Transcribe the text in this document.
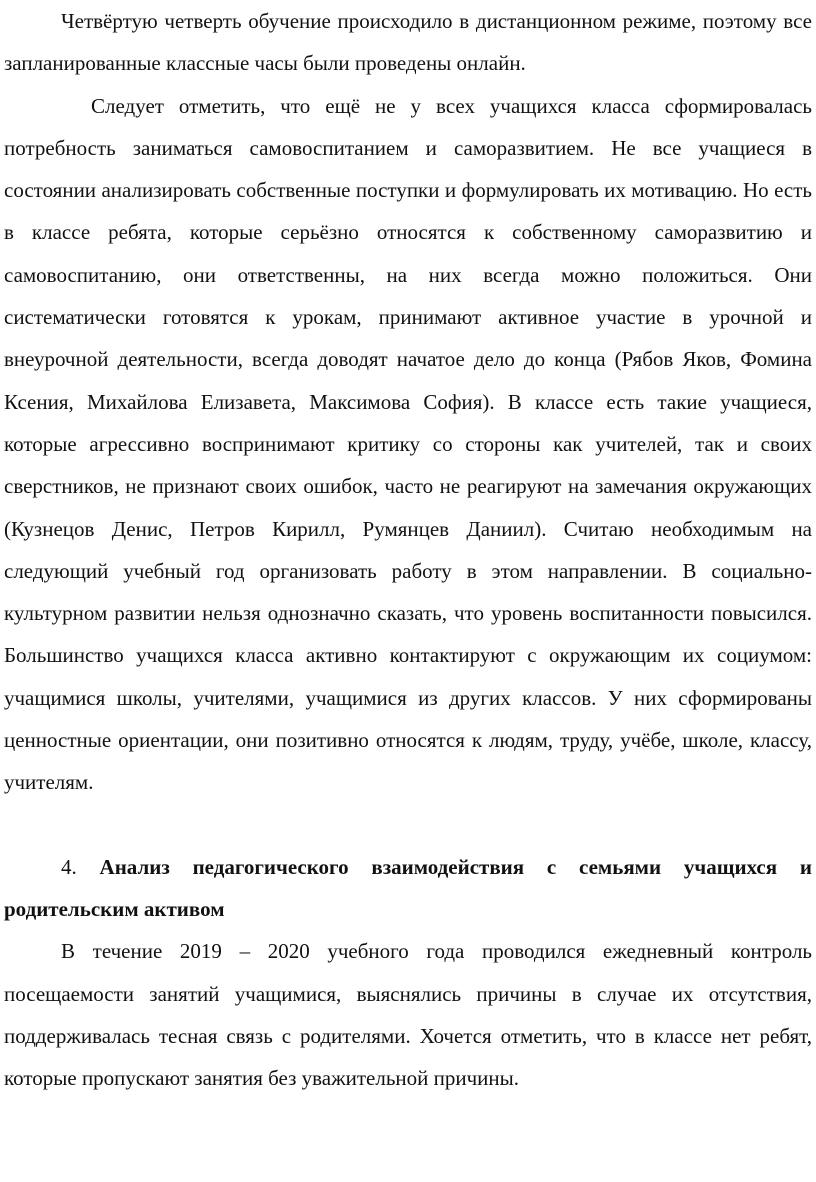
Четвёртую четверть обучение происходило в дистанционном режиме, поэтому все запланированные классные часы были проведены онлайн.

Следует отметить, что ещё не у всех учащихся класса сформировалась потребность заниматься самовоспитанием и саморазвитием. Не все учащиеся в состоянии анализировать собственные поступки и формулировать их мотивацию. Но есть в классе ребята, которые серьёзно относятся к собственному саморазвитию и самовоспитанию, они ответственны, на них всегда можно положиться. Они систематически готовятся к урокам, принимают активное участие в урочной и внеурочной деятельности, всегда доводят начатое дело до конца (Рябов Яков, Фомина Ксения, Михайлова Елизавета, Максимова София). В классе есть такие учащиеся, которые агрессивно воспринимают критику со стороны как учителей, так и своих сверстников, не признают своих ошибок, часто не реагируют на замечания окружающих (Кузнецов Денис, Петров Кирилл, Румянцев Даниил). Считаю необходимым на следующий учебный год организовать работу в этом направлении. В социально- культурном развитии нельзя однозначно сказать, что уровень воспитанности повысился. Большинство учащихся класса активно контактируют с окружающим их социумом: учащимися школы, учителями, учащимися из других классов. У них сформированы ценностные ориентации, они позитивно относятся к людям, труду, учёбе, школе, классу, учителям.

4. Анализ педагогического взаимодействия с семьями учащихся и родительским активом

В течение 2019 – 2020 учебного года проводился ежедневный контроль посещаемости занятий учащимися, выяснялись причины в случае их отсутствия, поддерживалась тесная связь с родителями. Хочется отметить, что в классе нет ребят, которые пропускают занятия без уважительной причины.
